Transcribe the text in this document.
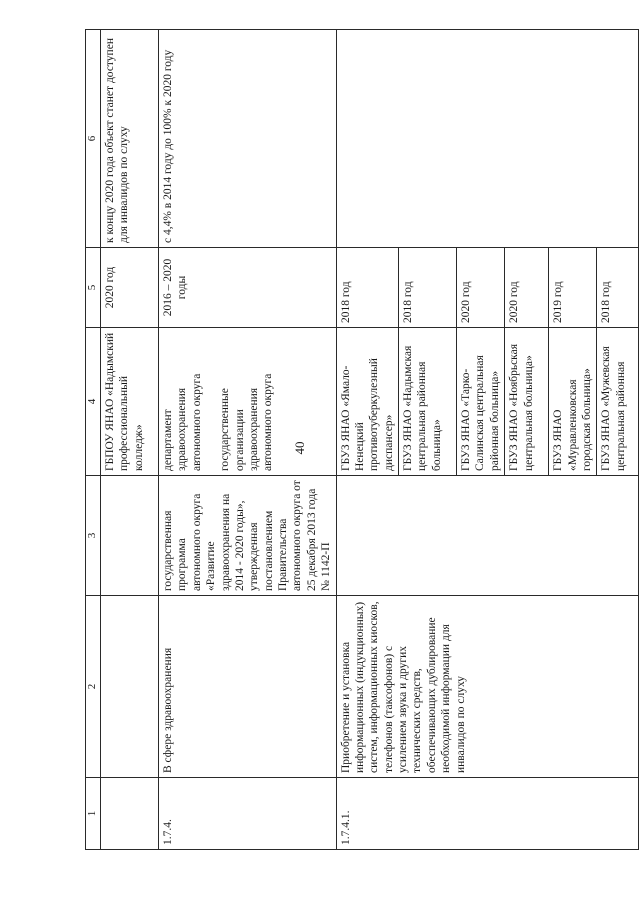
40
1	2	3	4	5	6
			ГБПОУ ЯНАО «Надымский профессиональный колледж»	2020 год	к концу 2020 года объект станет доступен для инвалидов по слуху
1.7.4.	В сфере здравоохранения	государственная программа автономного округа «Развитие здравоохранения на 2014 - 2020 годы», утвержденная постановлением Правительства автономного округа от 25 декабря 2013 года № 1142-П	департамент здравоохранения автономного округа государственные организации здравоохранения автономного округа	2016 – 2020 годы	с 4,4% в 2014 году до 100% к 2020 году
1.7.4.1.	Приобретение и установка информационных (индукционных) систем, информационных киосков, телефонов (таксофонов) с усилением звука и других технических средств, обеспечивающих дублирование необходимой информации для инвалидов по слуху		ГБУЗ ЯНАО «Ямало-Ненецкий противотуберкулезный диспансер»	2018 год	
			ГБУЗ ЯНАО «Надымская центральная районная больница»	2018 год	
			ГБУЗ ЯНАО «Тарко-Салинская центральная районная больница»	2020 год	
			ГБУЗ ЯНАО «Ноябрьская центральная больница»	2020 год	
			ГБУЗ ЯНАО «Муравленковская городская больница»	2019 год	
			ГБУЗ ЯНАО «Мужевская центральная районная	2018 год	
